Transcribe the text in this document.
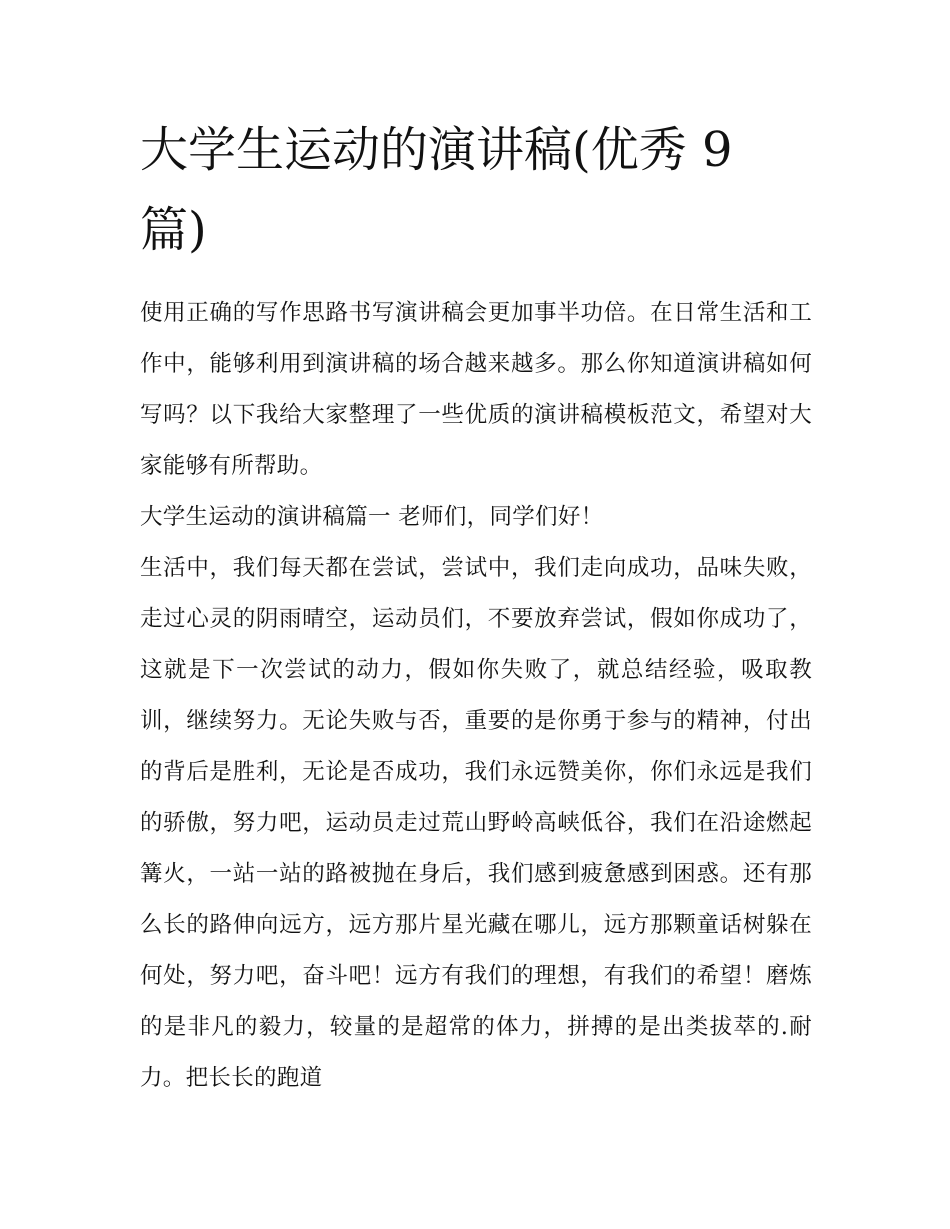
大学生运动的演讲稿(优秀 9
篇)

使用正确的写作思路书写演讲稿会更加事半功倍。在日常生活和工作中，能够利用到演讲稿的场合越来越多。那么你知道演讲稿如何写吗？以下我给大家整理了一些优质的演讲稿模板范文，希望对大家能够有所帮助。

大学生运动的演讲稿篇一 老师们，同学们好！

生活中，我们每天都在尝试，尝试中，我们走向成功，品味失败，走过心灵的阴雨晴空，运动员们，不要放弃尝试，假如你成功了，这就是下一次尝试的动力，假如你失败了，就总结经验，吸取教训，继续努力。无论失败与否，重要的是你勇于参与的精神，付出的背后是胜利，无论是否成功，我们永远赞美你，你们永远是我们的骄傲，努力吧，运动员走过荒山野岭高峡低谷，我们在沿途燃起篝火，一站一站的路被抛在身后，我们感到疲惫感到困惑。还有那么长的路伸向远方，远方那片星光藏在哪儿，远方那颗童话树躲在何处，努力吧，奋斗吧！远方有我们的理想，有我们的希望！磨炼的是非凡的毅力，较量的是超常的体力，拼搏的是出类拔萃的.耐力。把长长的跑道
